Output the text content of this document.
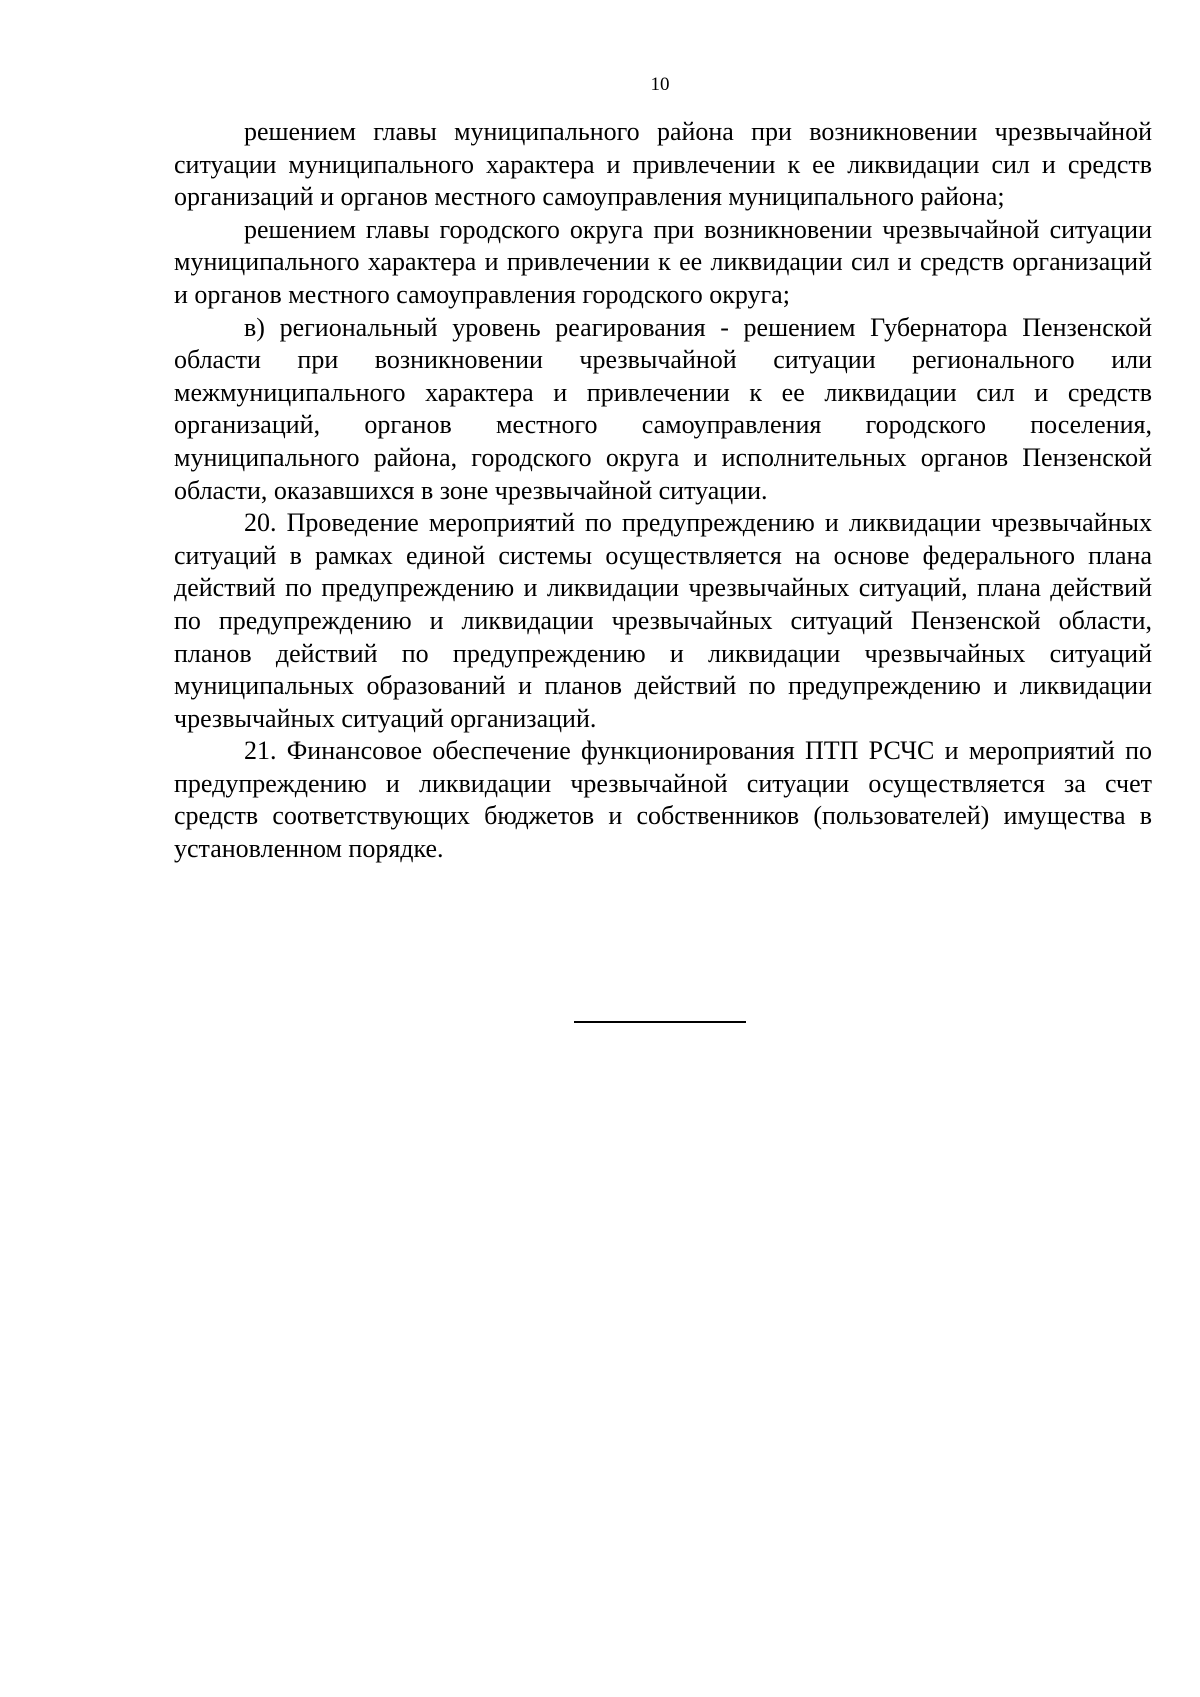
10

решением главы муниципального района при возникновении чрезвычайной ситуации муниципального характера и привлечении к ее ликвидации сил и средств организаций и органов местного самоуправления муниципального района;

решением главы городского округа при возникновении чрезвычайной ситуации муниципального характера и привлечении к ее ликвидации сил и средств организаций и органов местного самоуправления городского округа;

в) региональный уровень реагирования - решением Губернатора Пензенской области при возникновении чрезвычайной ситуации регионального или межмуниципального характера и привлечении к ее ликвидации сил и средств организаций, органов местного самоуправления городского поселения, муниципального района, городского округа и исполнительных органов Пензенской области, оказавшихся в зоне чрезвычайной ситуации.

20. Проведение мероприятий по предупреждению и ликвидации чрезвычайных ситуаций в рамках единой системы осуществляется на основе федерального плана действий по предупреждению и ликвидации чрезвычайных ситуаций, плана действий по предупреждению и ликвидации чрезвычайных ситуаций Пензенской области, планов действий по предупреждению и ликвидации чрезвычайных ситуаций муниципальных образований и планов действий по предупреждению и ликвидации чрезвычайных ситуаций организаций.

21. Финансовое обеспечение функционирования ПТП РСЧС и мероприятий по предупреждению и ликвидации чрезвычайной ситуации осуществляется за счет средств соответствующих бюджетов и собственников (пользователей) имущества в установленном порядке.
